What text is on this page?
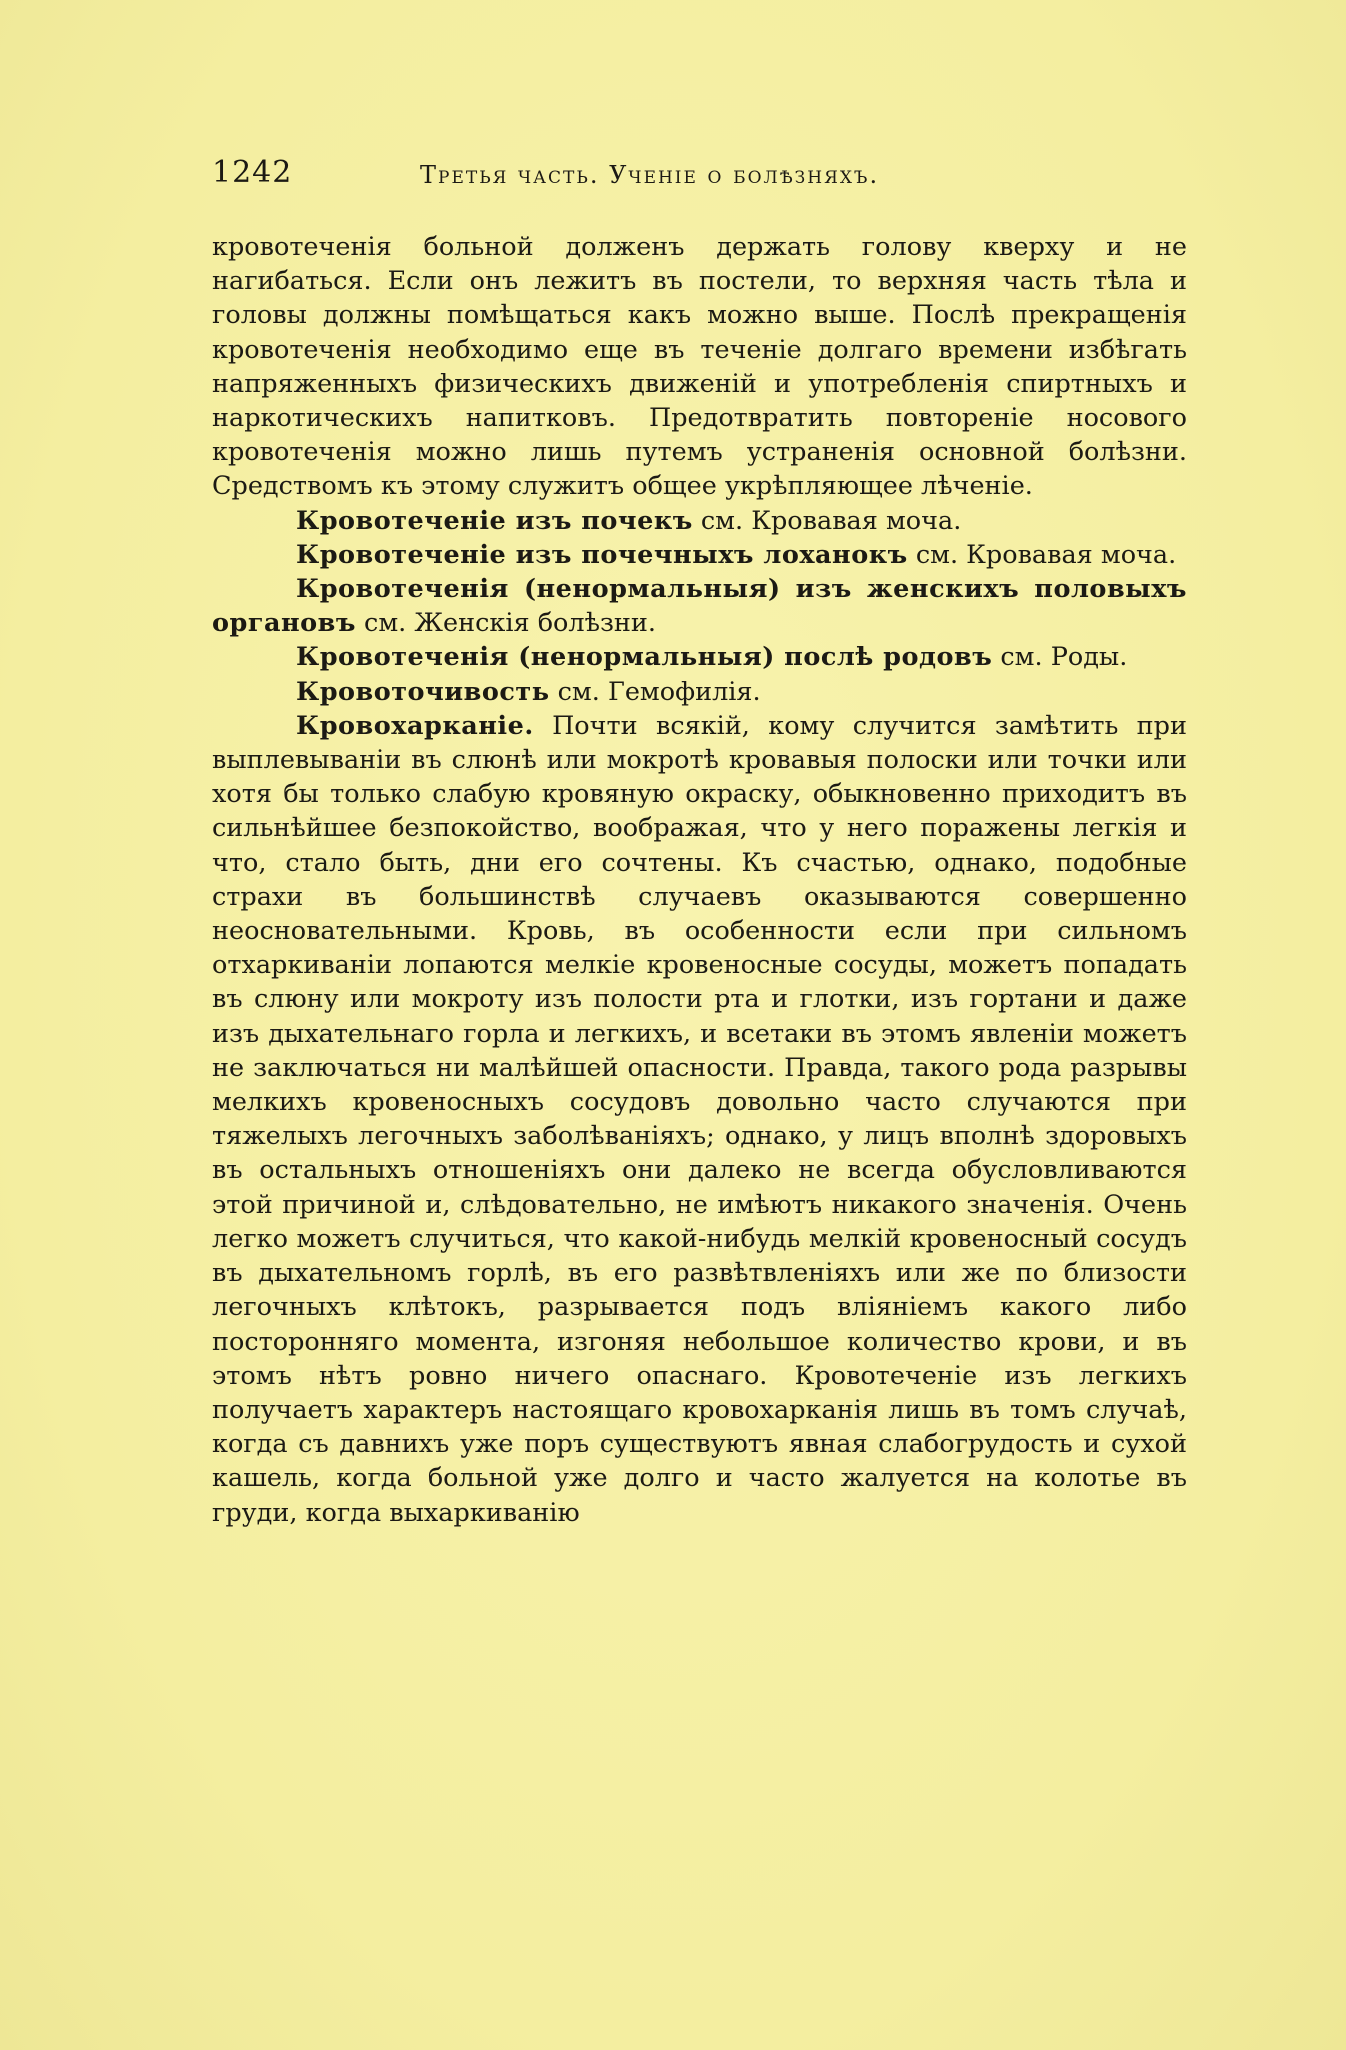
1242	Третья часть. Ученіе о болѣзняхъ.

кровотеченія больной долженъ держать голову кверху и не нагибаться. Если онъ лежитъ въ постели, то верхняя часть тѣла и головы должны помѣщаться какъ можно выше. Послѣ прекращенія кровотеченія необходимо еще въ теченіе долгаго времени избѣгать напряженныхъ физическихъ движеній и употребленія спиртныхъ и наркотическихъ напитковъ. Предотвратить повтореніе носового кровотеченія можно лишь путемъ устраненія основной болѣзни. Средствомъ къ этому служитъ общее укрѣпляющее лѣченіе.

Кровотеченіе изъ почекъ см. Кровавая моча.

Кровотеченіе изъ почечныхъ лоханокъ см. Кровавая моча.

Кровотеченія (ненормальныя) изъ женскихъ половыхъ органовъ см. Женскія болѣзни.

Кровотеченія (ненормальныя) послѣ родовъ см. Роды.

Кровоточивость см. Гемофилія.

Кровохарканіе. Почти всякій, кому случится замѣтить при выплевываніи въ слюнѣ или мокротѣ кровавыя полоски или точки или хотя бы только слабую кровяную окраску, обыкновенно приходитъ въ сильнѣйшее безпокойство, воображая, что у него поражены легкія и что, стало быть, дни его сочтены. Къ счастью, однако, подобные страхи въ большинствѣ случаевъ оказываются совершенно неосновательными. Кровь, въ особенности если при сильномъ отхаркиваніи лопаются мелкіе кровеносные сосуды, можетъ попадать въ слюну или мокроту изъ полости рта и глотки, изъ гортани и даже изъ дыхательнаго горла и легкихъ, и всетаки въ этомъ явленіи можетъ не заключаться ни малѣйшей опасности. Правда, такого рода разрывы мелкихъ кровеносныхъ сосудовъ довольно часто случаются при тяжелыхъ легочныхъ заболѣваніяхъ; однако, у лицъ вполнѣ здоровыхъ въ остальныхъ отношеніяхъ они далеко не всегда обусловливаются этой причиной и, слѣдовательно, не имѣютъ никакого значенія. Очень легко можетъ случиться, что какой-нибудь мелкій кровеносный сосудъ въ дыхательномъ горлѣ, въ его развѣтвленіяхъ или же по близости легочныхъ клѣтокъ, разрывается подъ вліяніемъ какого либо посторонняго момента, изгоняя небольшое количество крови, и въ этомъ нѣтъ ровно ничего опаснаго. Кровотеченіе изъ легкихъ получаетъ характеръ настоящаго кровохарканія лишь въ томъ случаѣ, когда съ давнихъ уже поръ существуютъ явная слабогрудость и сухой кашель, когда больной уже долго и часто жалуется на колотье въ груди, когда выхаркиванію
